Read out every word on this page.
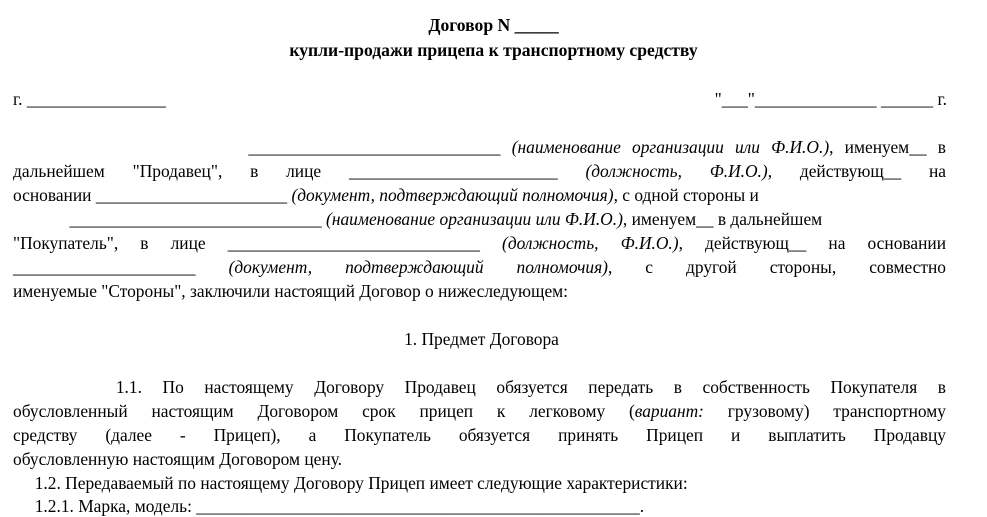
Договор N _____
купли-продажи прицепа к транспортному средству
г. ________________	"___"______________ ______ г.
_____________________________ (наименование организации или Ф.И.О.), именуем__ в
дальнейшем "Продавец", в лице ________________________ (должность, Ф.И.О.), действующ__ на
основании ______________________ (документ, подтверждающий полномочия), с одной стороны и
_____________________________ (наименование организации или Ф.И.О.), именуем__ в дальнейшем
"Покупатель", в лице _____________________________ (должность, Ф.И.О.), действующ__ на основании
_____________________ (документ, подтверждающий полномочия), с другой стороны, совместно
именуемые "Стороны", заключили настоящий Договор о нижеследующем:
1. Предмет Договора
1.1. По настоящему Договору Продавец обязуется передать в собственность Покупателя в
обусловленный настоящим Договором срок прицеп к легковому (вариант: грузовому) транспортному
средству (далее - Прицеп), а Покупатель обязуется принять Прицеп и выплатить Продавцу
обусловленную настоящим Договором цену.
1.2. Передаваемый по настоящему Договору Прицеп имеет следующие характеристики:
1.2.1. Марка, модель: ___________________________________________________.
